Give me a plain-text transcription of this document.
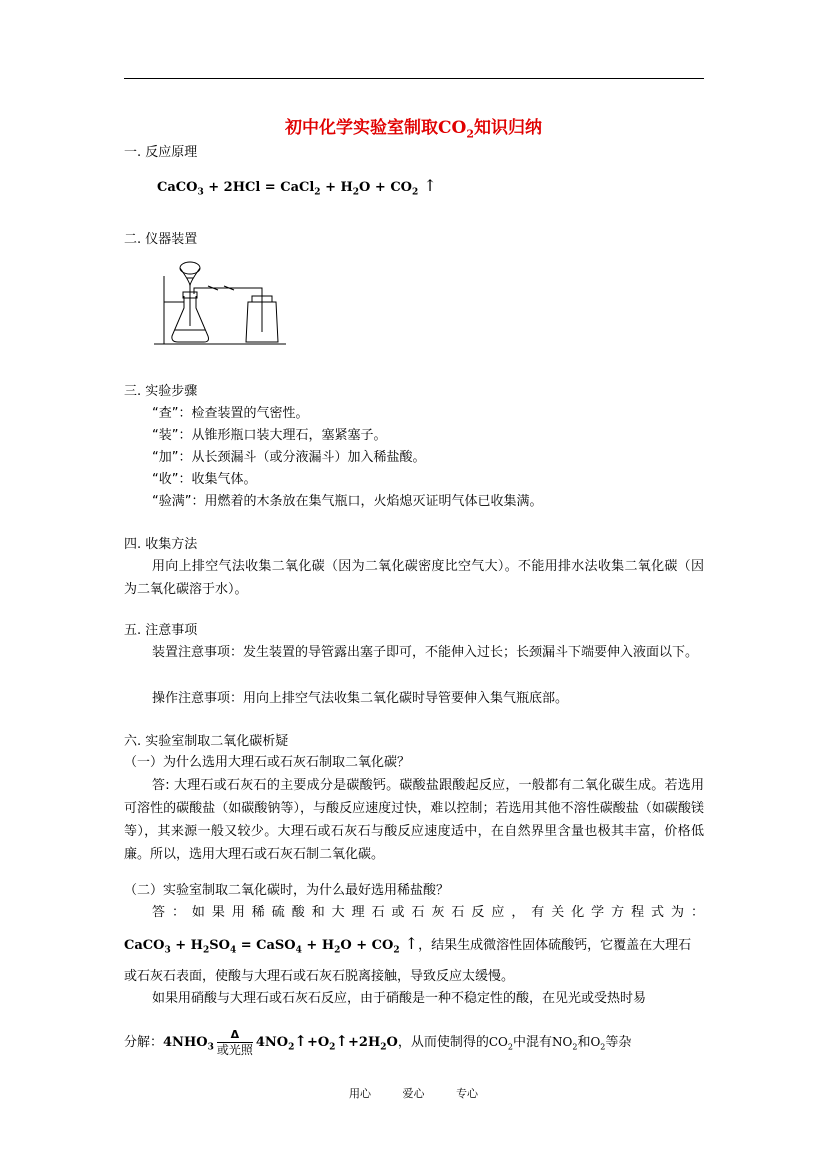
初中化学实验室制取$CO_2$知识归纳
一. 反应原理
CaCO$_3$ + 2HCl = CaCl$_2$ + $H_2O + CO_2$ ↑
二. 仪器装置
三. 实验步骤
“查”：检查装置的气密性。
“装”：从锥形瓶口装大理石，塞紧塞子。
“加”：从长颈漏斗（或分液漏斗）加入稀盐酸。
“收”：收集气体。
“验满”：用燃着的木条放在集气瓶口，火焰熄灭证明气体已收集满。
四. 收集方法

用向上排空气法收集二氧化碳（因为二氧化碳密度比空气大）。不能用排水法收集二氧化碳（因为二氧化碳溶于水）。

五. 注意事项

装置注意事项：发生装置的导管露出塞子即可，不能伸入过长；长颈漏斗下端要伸入液面以下。

操作注意事项：用向上排空气法收集二氧化碳时导管要伸入集气瓶底部。

六. 实验室制取二氧化碳析疑
（一）为什么选用大理石或石灰石制取二氧化碳？

答: 大理石或石灰石的主要成分是碳酸钙。碳酸盐跟酸起反应，一般都有二氧化碳生成。若选用可溶性的碳酸盐（如碳酸钠等），与酸反应速度过快，难以控制；若选用其他不溶性碳酸盐（如碳酸镁等），其来源一般又较少。大理石或石灰石与酸反应速度适中，在自然界里含量也极其丰富，价格低廉。所以，选用大理石或石灰石制二氧化碳。

（二）实验室制取二氧化碳时，为什么最好选用稀盐酸？
答：如果用稀硫酸和大理石或石灰石反应，有关化学方程式为：
CaCO$_3$ + $H_2SO_4$ = CaSO$_4$ + $H_2O + CO_2$ ↑，结果生成微溶性固体硫酸钙，它覆盖在大理石
或石灰石表面，使酸与大理石或石灰石脱离接触，导致反应太缓慢。
如果用硝酸与大理石或石灰石反应，由于硝酸是一种不稳定性的酸，在见光或受热时易
分解：$4NHO_3 \frac{\Delta}{\text{或光照}}$ $4NO_2↑+O_2↑+2H_2O$，从而使制得的$CO_2$中混有$NO_2$和$O_2$等杂
用心	爱心	专心
